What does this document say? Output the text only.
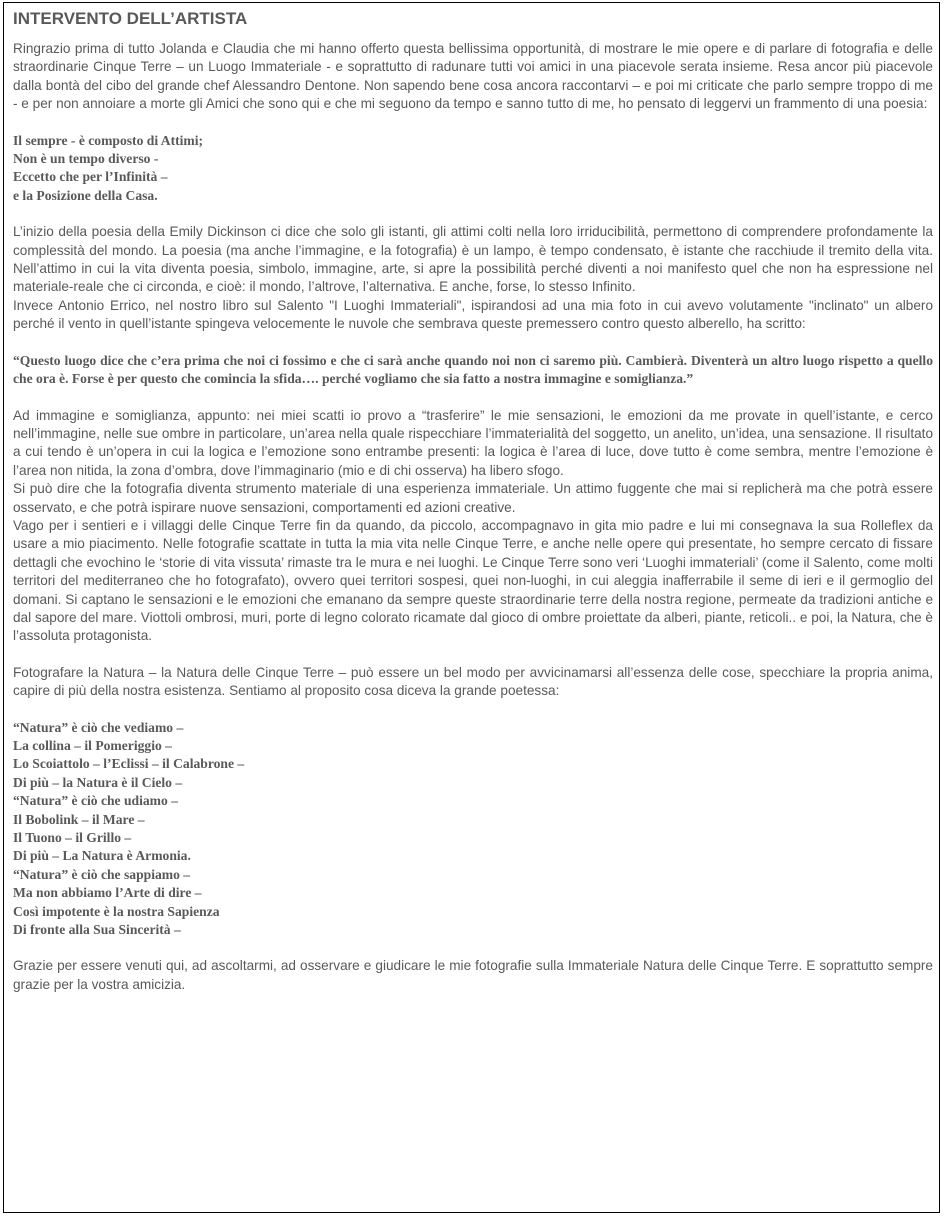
INTERVENTO DELL’ARTISTA

Ringrazio prima di tutto Jolanda e Claudia che mi hanno offerto questa bellissima opportunità, di mostrare le mie opere e di parlare di fotografia e delle straordinarie Cinque Terre – un Luogo Immateriale - e soprattutto di radunare tutti voi amici in una piacevole serata insieme. Resa ancor più piacevole dalla bontà del cibo del grande chef Alessandro Dentone. Non sapendo bene cosa ancora raccontarvi – e poi mi criticate che parlo sempre troppo di me - e per non annoiare a morte gli Amici che sono qui e che mi seguono da tempo e sanno tutto di me, ho pensato di leggervi un frammento di una poesia:

Il sempre - è composto di Attimi;
Non è un tempo diverso -
Eccetto che per l’Infinità –
e la Posizione della Casa.

L’inizio della poesia della Emily Dickinson ci dice che solo gli istanti, gli attimi colti nella loro irriducibilità, permettono di comprendere profondamente la complessità del mondo. La poesia (ma anche l’immagine, e la fotografia) è un lampo, è tempo condensato, è istante che racchiude il tremito della vita. Nell’attimo in cui la vita diventa poesia, simbolo, immagine, arte, si apre la possibilità perché diventi a noi manifesto quel che non ha espressione nel materiale-reale che ci circonda, e cioè: il mondo, l’altrove, l’alternativa. E anche, forse, lo stesso Infinito.

Invece Antonio Errico, nel nostro libro sul Salento "I Luoghi Immateriali", ispirandosi ad una mia foto in cui avevo volutamente "inclinato" un albero perché il vento in quell’istante spingeva velocemente le nuvole che sembrava queste premessero contro questo alberello, ha scritto:

“Questo luogo dice che c’era prima che noi ci fossimo e che ci sarà anche quando noi non ci saremo più. Cambierà. Diventerà un altro luogo rispetto a quello che ora è. Forse è per questo che comincia la sfida…. perché vogliamo che sia fatto a nostra immagine e somiglianza.”

Ad immagine e somiglianza, appunto: nei miei scatti io provo a “trasferire” le mie sensazioni, le emozioni da me provate in quell’istante, e cerco nell’immagine, nelle sue ombre in particolare, un’area nella quale rispecchiare l’immaterialità del soggetto, un anelito, un’idea, una sensazione. Il risultato a cui tendo è un’opera in cui la logica e l’emozione sono entrambe presenti: la logica è l’area di luce, dove tutto è come sembra, mentre l’emozione è l’area non nitida, la zona d’ombra, dove l’immaginario (mio e di chi osserva) ha libero sfogo.

Si può dire che la fotografia diventa strumento materiale di una esperienza immateriale. Un attimo fuggente che mai si replicherà ma che potrà essere osservato, e che potrà ispirare nuove sensazioni, comportamenti ed azioni creative.

Vago per i sentieri e i villaggi delle Cinque Terre fin da quando, da piccolo, accompagnavo in gita mio padre e lui mi consegnava la sua Rolleflex da usare a mio piacimento. Nelle fotografie scattate in tutta la mia vita nelle Cinque Terre, e anche nelle opere qui presentate, ho sempre cercato di fissare dettagli che evochino le ‘storie di vita vissuta’ rimaste tra le mura e nei luoghi. Le Cinque Terre sono veri ‘Luoghi immateriali’ (come il Salento, come molti territori del mediterraneo che ho fotografato), ovvero quei territori sospesi, quei non-luoghi, in cui aleggia inafferrabile il seme di ieri e il germoglio del domani. Si captano le sensazioni e le emozioni che emanano da sempre queste straordinarie terre della nostra regione, permeate da tradizioni antiche e dal sapore del mare. Viottoli ombrosi, muri, porte di legno colorato ricamate dal gioco di ombre proiettate da alberi, piante, reticoli.. e poi, la Natura, che è l’assoluta protagonista.

Fotografare la Natura – la Natura delle Cinque Terre – può essere un bel modo per avvicinamarsi all’essenza delle cose, specchiare la propria anima, capire di più della nostra esistenza. Sentiamo al proposito cosa diceva la grande poetessa:

“Natura” è ciò che vediamo –
La collina – il Pomeriggio –
Lo Scoiattolo – l’Eclissi – il Calabrone –
Di più – la Natura è il Cielo –
“Natura” è ciò che udiamo –
Il Bobolink – il Mare –
Il Tuono – il Grillo –
Di più – La Natura è Armonia.
“Natura” è ciò che sappiamo –
Ma non abbiamo l’Arte di dire –
Così impotente è la nostra Sapienza
Di fronte alla Sua Sincerità –

Grazie per essere venuti qui, ad ascoltarmi, ad osservare e giudicare le mie fotografie sulla Immateriale Natura delle Cinque Terre. E soprattutto sempre grazie per la vostra amicizia.
